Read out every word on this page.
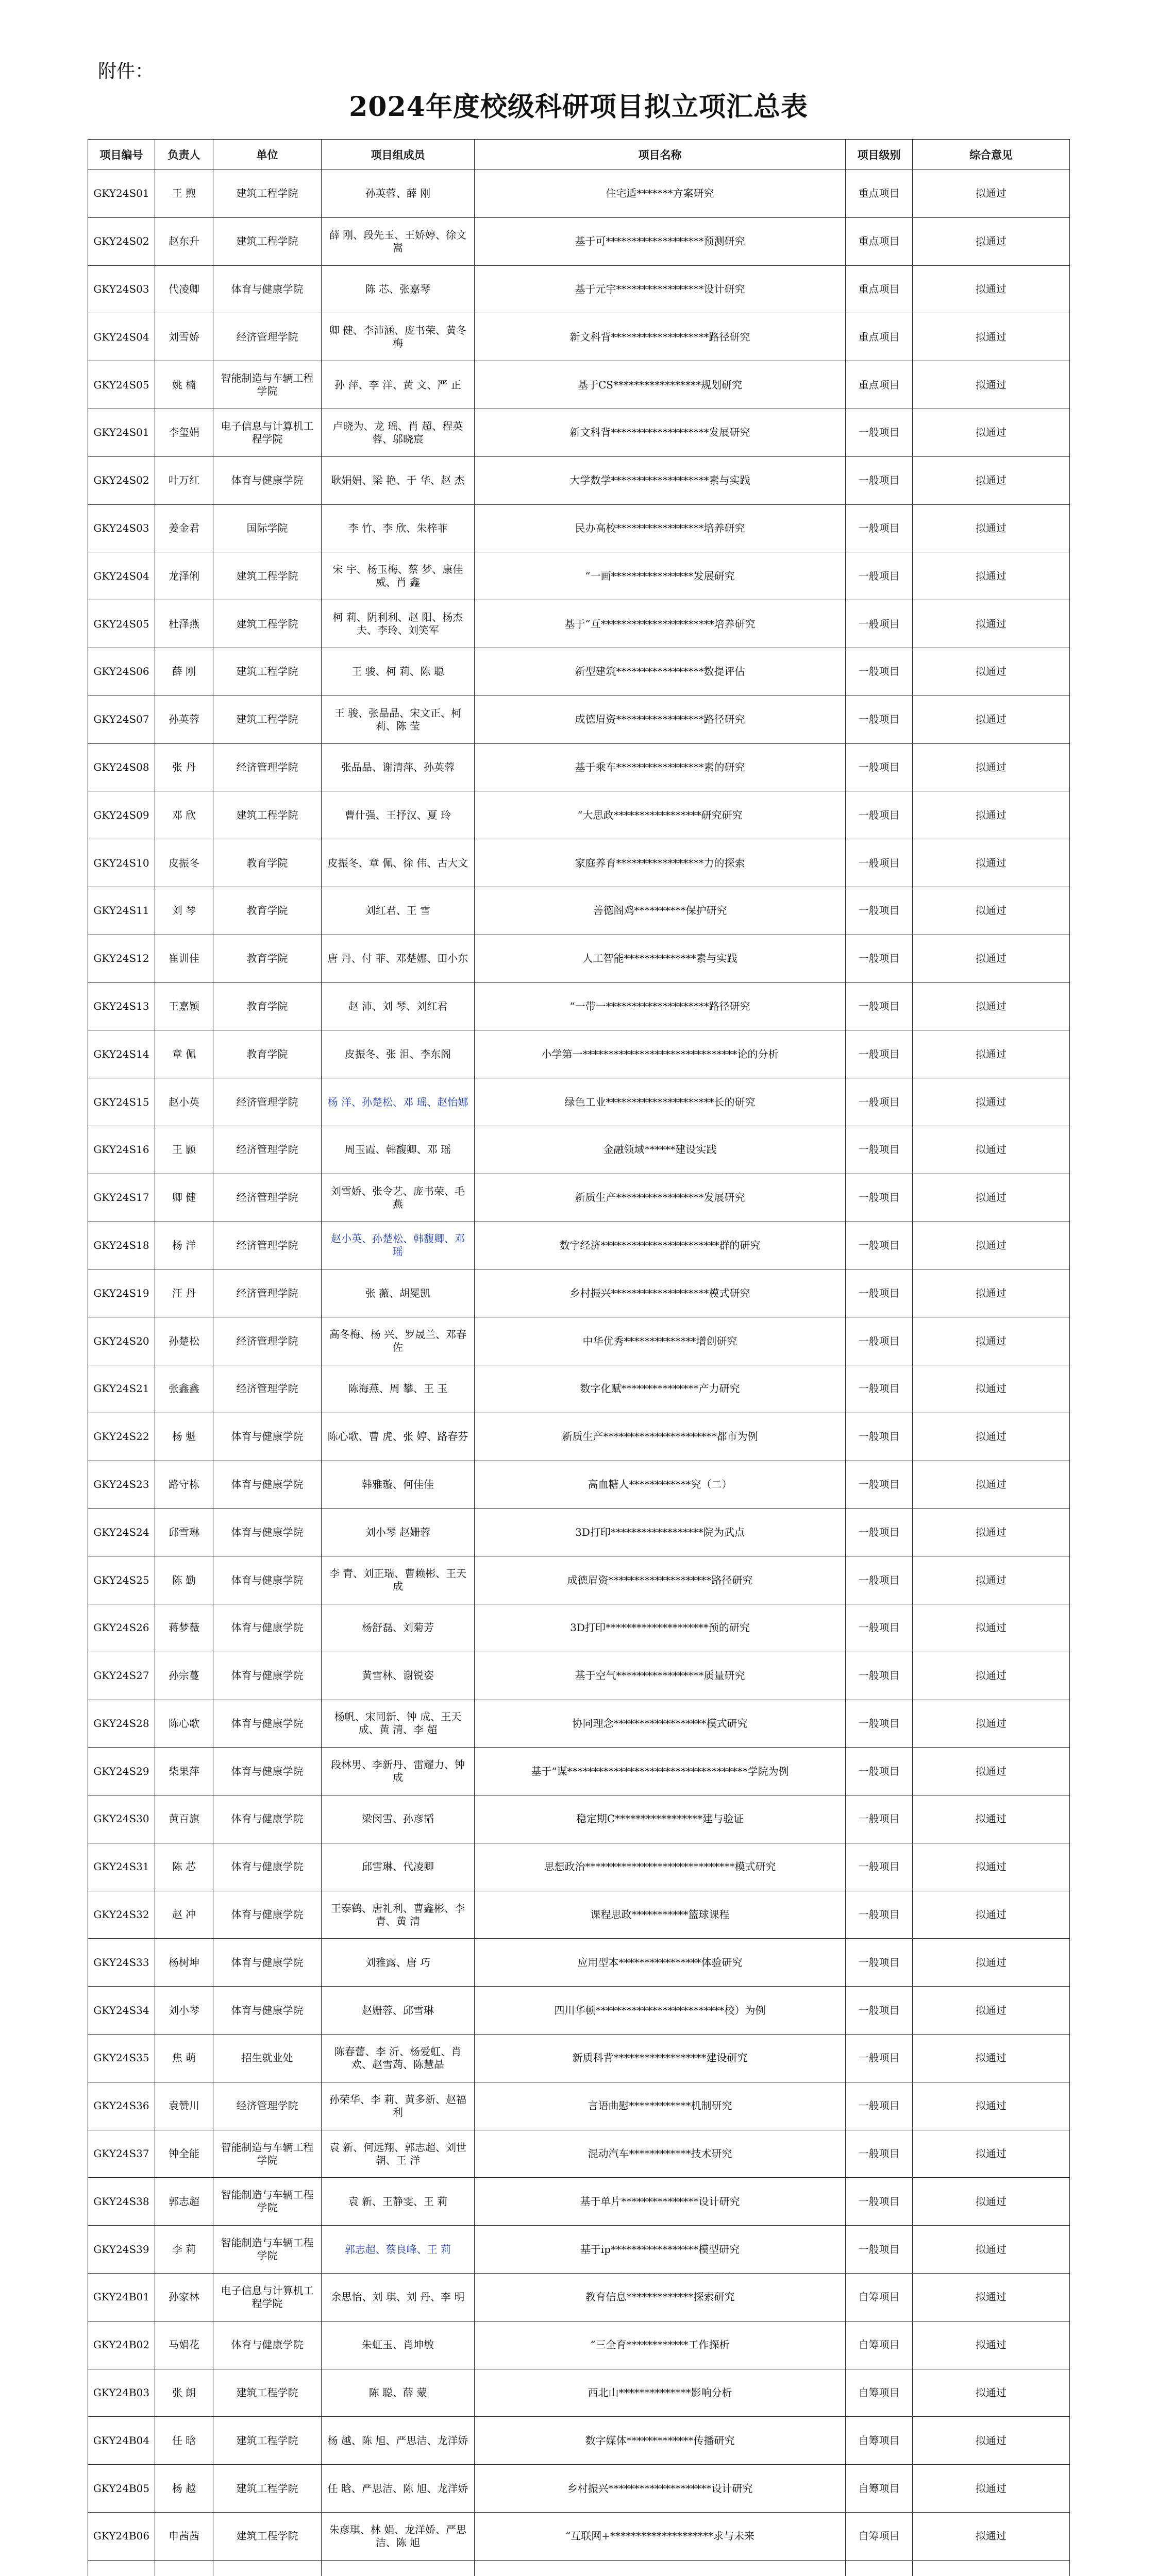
附件：
2024年度校级科研项目拟立项汇总表
项目编号	负责人	单位	项目组成员	项目名称	项目级别	综合意见
GKY24S01	王 煦	建筑工程学院	孙英蓉、薛 刚	住宅适*******方案研究	重点项目	拟通过
GKY24S02	赵东升	建筑工程学院	薛 刚、段先玉、王娇婷、徐文嵩	基于可*******************预测研究	重点项目	拟通过
GKY24S03	代凌卿	体育与健康学院	陈 芯、张嘉琴	基于元宇*****************设计研究	重点项目	拟通过
GKY24S04	刘雪娇	经济管理学院	卿 健、李沛涵、庞书荣、黄冬梅	新文科背*******************路径研究	重点项目	拟通过
GKY24S05	姚 楠	智能制造与车辆工程学院	孙 萍、李 洋、黄 文、严 正	基于CS*****************规划研究	重点项目	拟通过
GKY24S01	李玺娟	电子信息与计算机工程学院	卢晓为、龙 瑶、肖 超、程英蓉、邬晓宸	新文科背*******************发展研究	一般项目	拟通过
GKY24S02	叶万红	体育与健康学院	耿娟娟、梁 艳、于 华、赵 杰	大学数学*******************素与实践	一般项目	拟通过
GKY24S03	姜金君	国际学院	李 竹、李 欣、朱梓菲	民办高校*****************培养研究	一般项目	拟通过
GKY24S04	龙泽俐	建筑工程学院	宋 宇、杨玉梅、蔡 梦、康佳威、肖 鑫	“一画****************发展研究	一般项目	拟通过
GKY24S05	杜泽燕	建筑工程学院	柯 莉、阴利利、赵 阳、杨杰夫、李玲、刘笑军	基于“互**********************培养研究	一般项目	拟通过
GKY24S06	薛 刚	建筑工程学院	王 骏、柯 莉、陈 聪	新型建筑*****************数提评估	一般项目	拟通过
GKY24S07	孙英蓉	建筑工程学院	王 骏、张晶晶、宋文正、柯 莉、陈 莹	成德眉资*****************路径研究	一般项目	拟通过
GKY24S08	张 丹	经济管理学院	张晶晶、谢清萍、孙英蓉	基于乘车*****************素的研究	一般项目	拟通过
GKY24S09	邓 欣	建筑工程学院	曹什强、王抒汉、夏 玲	“大思政*****************研究研究	一般项目	拟通过
GKY24S10	皮振冬	教育学院	皮振冬、章 佩、徐 伟、古大文	家庭养育*****************力的探索	一般项目	拟通过
GKY24S11	刘 琴	教育学院	刘红君、王 雪	善德阁鸡**********保护研究	一般项目	拟通过
GKY24S12	崔训佳	教育学院	唐 丹、付 菲、邓楚娜、田小东	人工智能**************素与实践	一般项目	拟通过
GKY24S13	王嘉颖	教育学院	赵 沛、刘 琴、刘红君	“一带一********************路径研究	一般项目	拟通过
GKY24S14	章 佩	教育学院	皮振冬、张 沮、李东阁	小学第一******************************论的分析	一般项目	拟通过
GKY24S15	赵小英	经济管理学院	杨 洋、孙楚松、邓 瑶、赵怡娜	绿色工业*********************长的研究	一般项目	拟通过
GKY24S16	王 颢	经济管理学院	周玉霞、韩馥卿、邓 瑶	金融领域******建设实践	一般项目	拟通过
GKY24S17	卿 健	经济管理学院	刘雪娇、张令艺、庞书荣、毛 燕	新质生产*****************发展研究	一般项目	拟通过
GKY24S18	杨 洋	经济管理学院	赵小英、孙楚松、韩馥卿、邓 瑶	数字经济***********************群的研究	一般项目	拟通过
GKY24S19	汪 丹	经济管理学院	张 薇、胡冕凯	乡村振兴*******************模式研究	一般项目	拟通过
GKY24S20	孙楚松	经济管理学院	高冬梅、杨 兴、罗晟兰、邓春佐	中华优秀**************增创研究	一般项目	拟通过
GKY24S21	张鑫鑫	经济管理学院	陈海燕、周 攀、王 玉	数字化赋***************产力研究	一般项目	拟通过
GKY24S22	杨 魁	体育与健康学院	陈心歌、曹 虎、张 婷、路春芬	新质生产**********************都市为例	一般项目	拟通过
GKY24S23	路守栋	体育与健康学院	韩雅璇、何佳佳	高血糖人************究（二）	一般项目	拟通过
GKY24S24	邱雪琳	体育与健康学院	刘小琴 赵姗蓉	3D打印******************院为武点	一般项目	拟通过
GKY24S25	陈 勤	体育与健康学院	李 青、刘正瑞、曹赖彬、王天成	成德眉资********************路径研究	一般项目	拟通过
GKY24S26	蒋梦薇	体育与健康学院	杨舒磊、刘菊芳	3D打印********************预的研究	一般项目	拟通过
GKY24S27	孙宗蔓	体育与健康学院	黄雪林、谢锐姿	基于空气*****************质量研究	一般项目	拟通过
GKY24S28	陈心歌	体育与健康学院	杨帆、宋同新、钟 成、王天成、黄 清、李 超	协同理念******************模式研究	一般项目	拟通过
GKY24S29	柴果萍	体育与健康学院	段林男、李新丹、雷耀力、钟 成	基于“谋***********************************学院为例	一般项目	拟通过
GKY24S30	黄百旗	体育与健康学院	梁闵雪、孙彦韬	稳定期C*****************建与验证	一般项目	拟通过
GKY24S31	陈 芯	体育与健康学院	邱雪琳、代凌卿	思想政治*****************************模式研究	一般项目	拟通过
GKY24S32	赵 冲	体育与健康学院	王泰鹤、唐礼利、曹鑫彬、李 青、黄 清	课程思政***********篮球课程	一般项目	拟通过
GKY24S33	杨树坤	体育与健康学院	刘雅露、唐 巧	应用型本****************体验研究	一般项目	拟通过
GKY24S34	刘小琴	体育与健康学院	赵姗蓉、邱雪琳	四川华顿*************************校）为例	一般项目	拟通过
GKY24S35	焦 萌	招生就业处	陈春蕾、李 沂、杨爱虹、肖 欢、赵雪蒟、陈慧晶	新质科背******************建设研究	一般项目	拟通过
GKY24S36	袁赞川	经济管理学院	孙荣华、李 莉、黄多新、赵福利	言语曲慰************机制研究	一般项目	拟通过
GKY24S37	钟全能	智能制造与车辆工程学院	袁 新、何远翔、郭志超、刘世朝、王 洋	混动汽车************技术研究	一般项目	拟通过
GKY24S38	郭志超	智能制造与车辆工程学院	袁 新、王静雯、王 莉	基于单片***************设计研究	一般项目	拟通过
GKY24S39	李 莉	智能制造与车辆工程学院	郭志超、蔡良峰、王 莉	基于ip*****************模型研究	一般项目	拟通过
GKY24B01	孙家林	电子信息与计算机工程学院	余思怡、刘 琪、刘 丹、李 明	教育信息*************探索研究	自筹项目	拟通过
GKY24B02	马娟花	体育与健康学院	朱虹玉、肖坤敏	“三全育************工作探析	自筹项目	拟通过
GKY24B03	张 朗	建筑工程学院	陈 聪、薛 蒙	西北山**************影响分析	自筹项目	拟通过
GKY24B04	任 晗	建筑工程学院	杨 越、陈 旭、严思洁、龙洋娇	数字媒体*************传播研究	自筹项目	拟通过
GKY24B05	杨 越	建筑工程学院	任 晗、严思洁、陈 旭、龙洋娇	乡村振兴********************设计研究	自筹项目	拟通过
GKY24B06	申茜茜	建筑工程学院	朱彦琪、林 娟、龙洋娇、严思洁、陈 旭	“互联网+********************求与未来	自筹项目	拟通过
